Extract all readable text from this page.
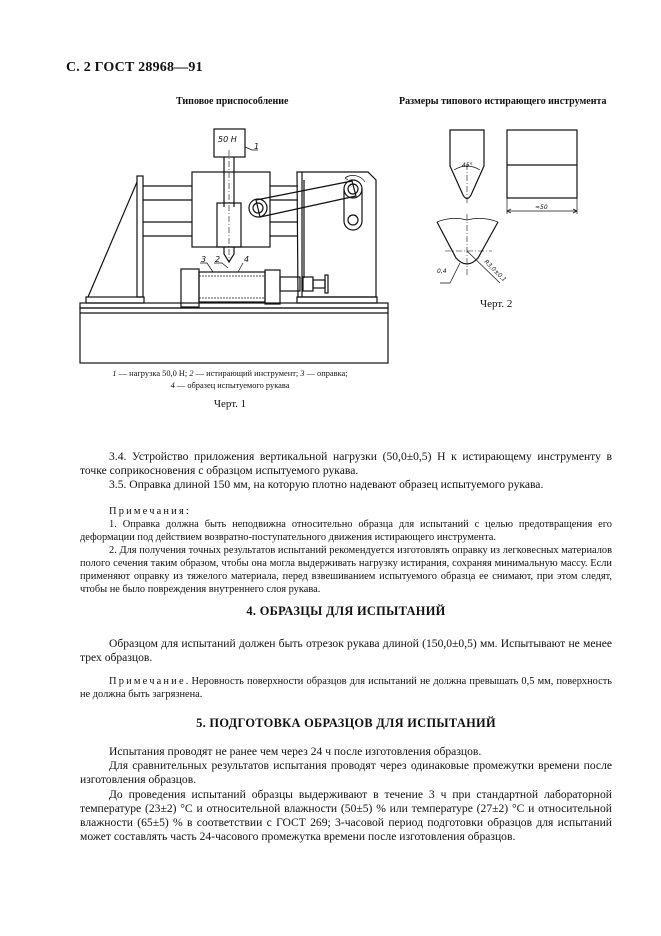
С. 2 ГОСТ 28968—91
Типовое приспособление	Размеры типового истирающего инструмента
50 Н
1
3 2	4
1 — нагрузка 50,0 Н; 2 — истирающий инструмент; 3 — оправка;
4 — образец испытуемого рукава
Черт. 1
45°
≈50
0,4	R3,0±0,1
Черт. 2

3.4. Устройство приложения вертикальной нагрузки (50,0±0,5) Н к истирающему инструменту в точке соприкосновения с образцом испытуемого рукава.

3.5. Оправка длиной 150 мм, на которую плотно надевают образец испытуемого рукава.

Примечания:

1. Оправка должна быть неподвижна относительно образца для испытаний с целью предотвращения его деформации под действием возвратно-поступательного движения истирающего инструмента.

2. Для получения точных результатов испытаний рекомендуется изготовлять оправку из легковесных материалов полого сечения таким образом, чтобы она могла выдерживать нагрузку истирания, сохраняя минимальную массу. Если применяют оправку из тяжелого материала, перед взвешиванием испытуемого образца ее снимают, при этом следят, чтобы не было повреждения внутреннего слоя рукава.

4. ОБРАЗЦЫ ДЛЯ ИСПЫТАНИЙ

Образцом для испытаний должен быть отрезок рукава длиной (150,0±0,5) мм. Испытывают не менее трех образцов.

Примечание. Неровность поверхности образцов для испытаний не должна превышать 0,5 мм, поверхность не должна быть загрязнена.

5. ПОДГОТОВКА ОБРАЗЦОВ ДЛЯ ИСПЫТАНИЙ

Испытания проводят не ранее чем через 24 ч после изготовления образцов.

Для сравнительных результатов испытания проводят через одинаковые промежутки времени после изготовления образцов.

До проведения испытаний образцы выдерживают в течение 3 ч при стандартной лабораторной температуре (23±2) °С и относительной влажности (50±5) % или температуре (27±2) °С и относительной влажности (65±5) % в соответствии с ГОСТ 269; 3-часовой период подготовки образцов для испытаний может составлять часть 24-часового промежутка времени после изготовления образцов.
